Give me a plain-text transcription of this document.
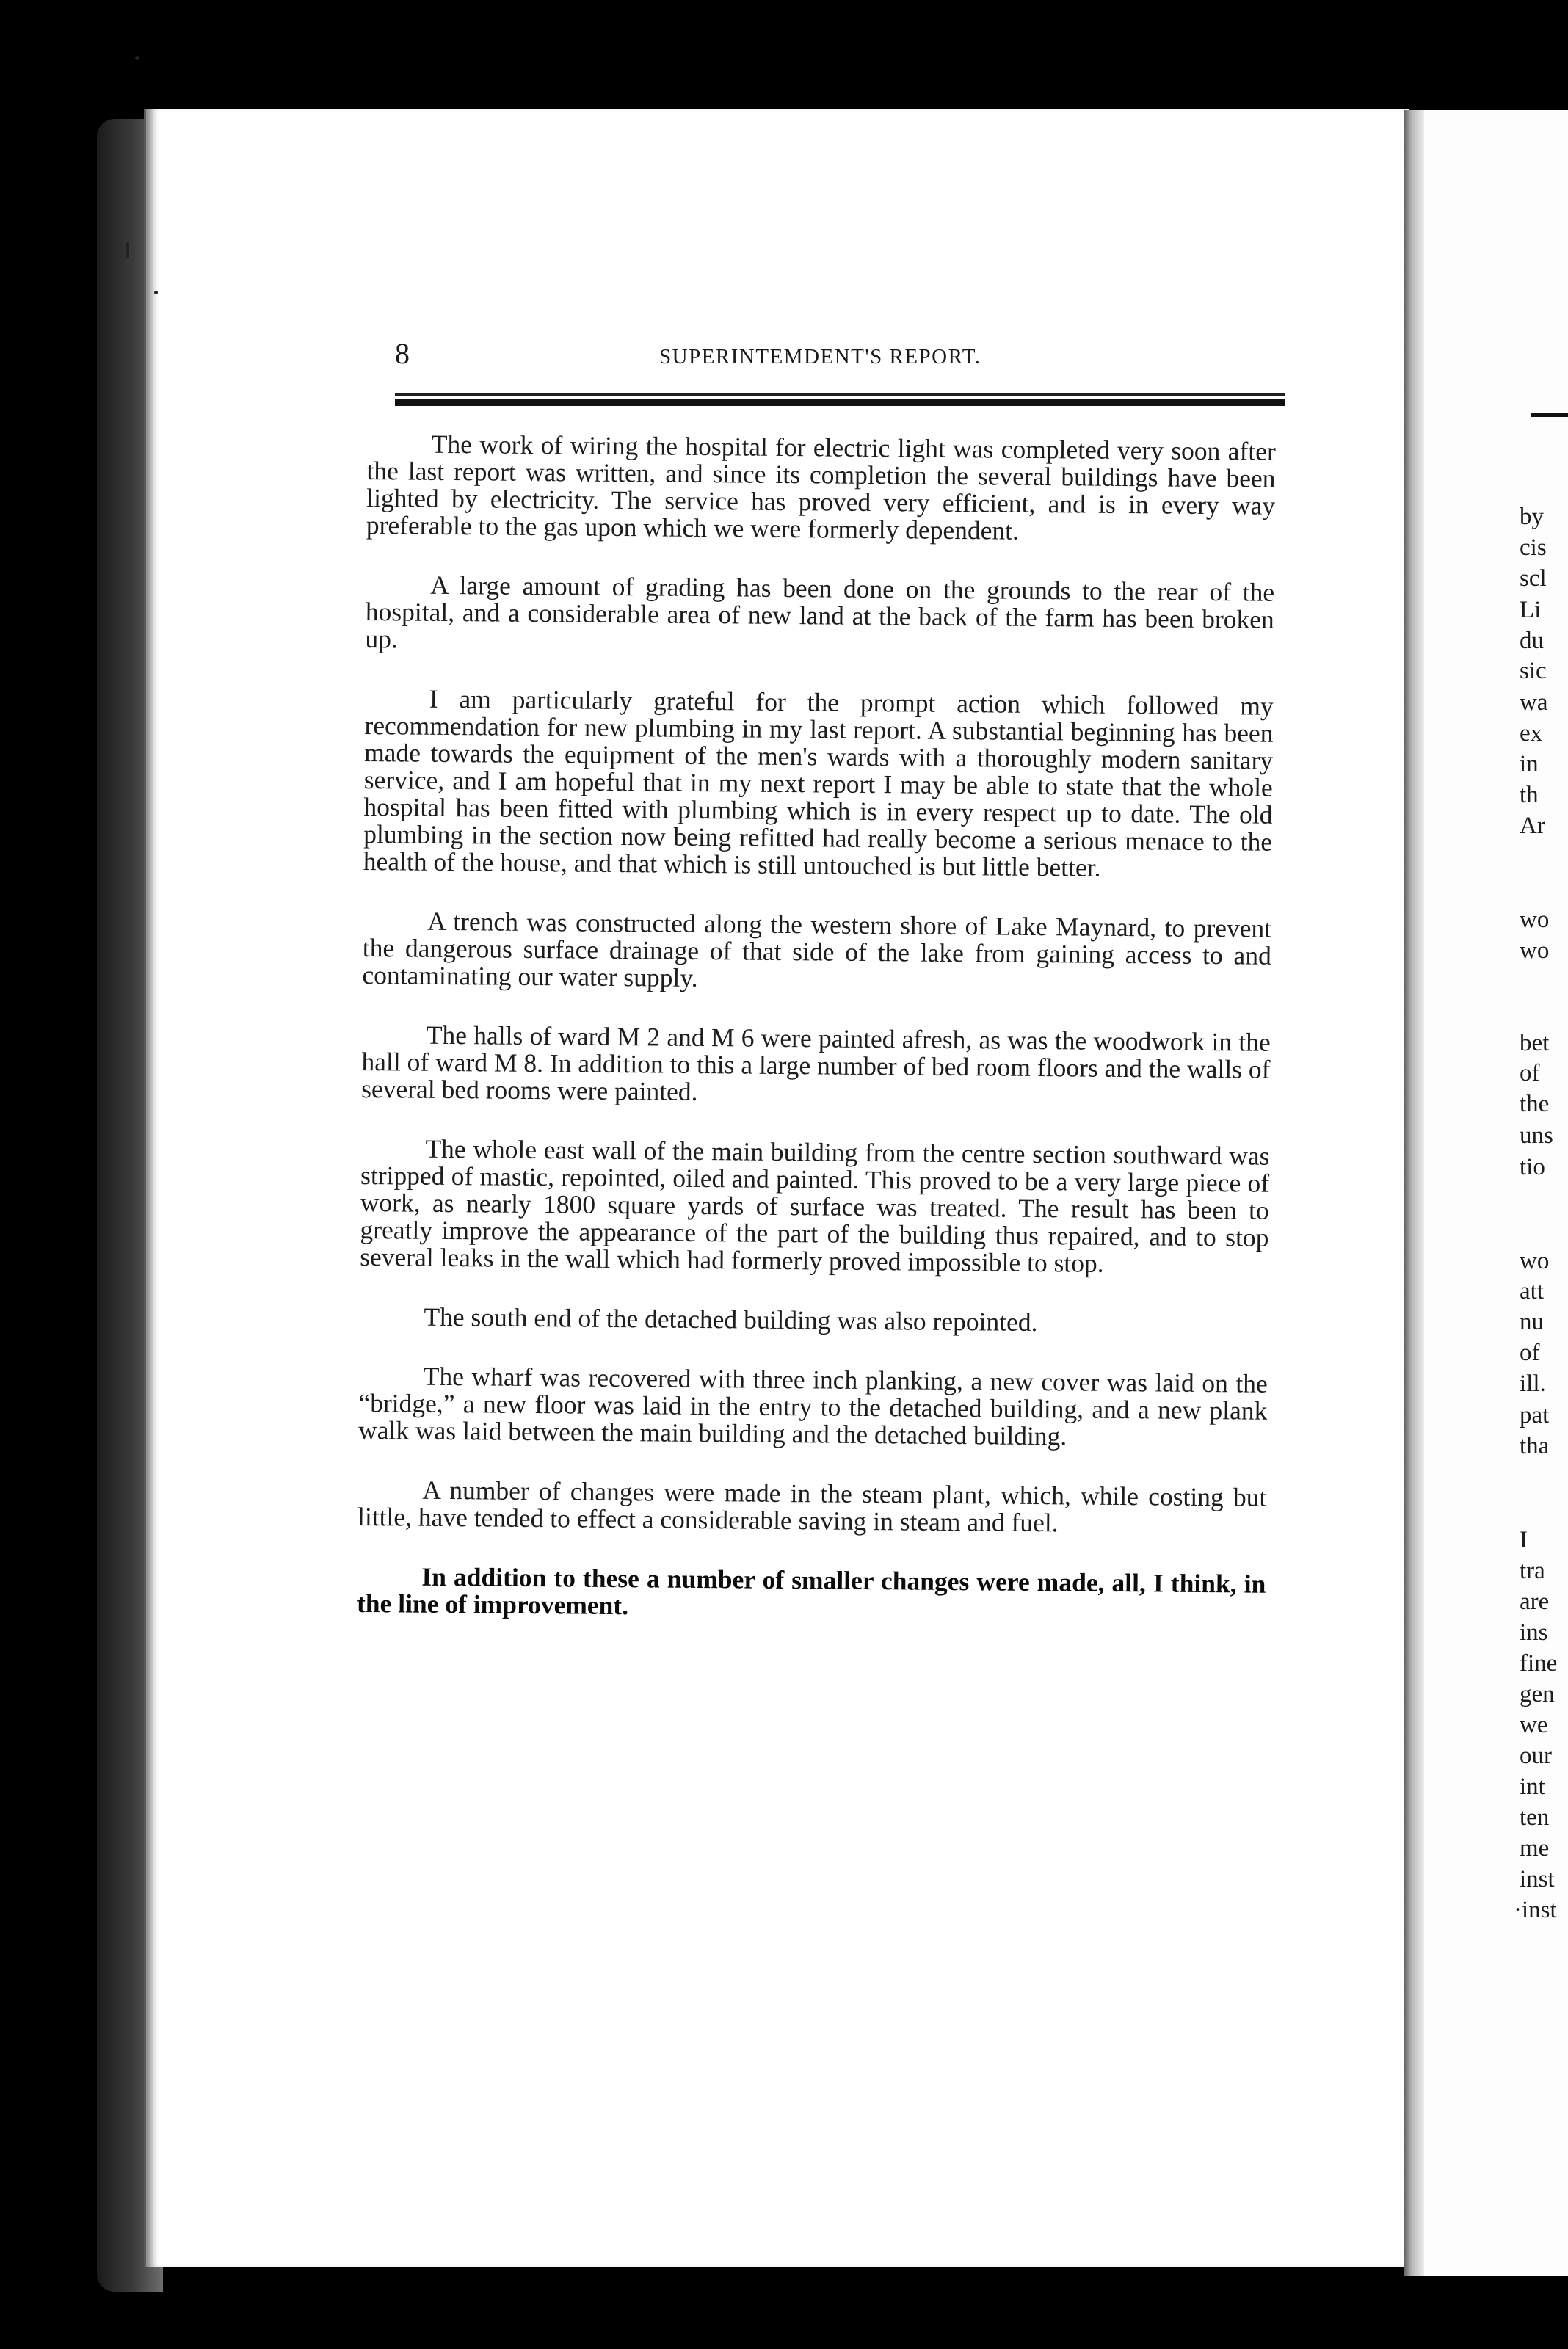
by
cis
scl
Li
du
sic
wa
ex
in
th
Ar
wo
wo
bet
of
the
uns
tio
wo
att
nu
of
ill.
pat
tha
I
tra
are
ins
fine
gen
we
our
int
ten
me
inst
·inst
8	SUPERINTEMDENT'S REPORT.

The work of wiring the hospital for electric light was completed very soon after the last report was written, and since its completion the several buildings have been lighted by electricity. The service has proved very efficient, and is in every way preferable to the gas upon which we were formerly dependent.

A large amount of grading has been done on the grounds to the rear of the hospital, and a considerable area of new land at the back of the farm has been broken up.

I am particularly grateful for the prompt action which followed my recommendation for new plumbing in my last report. A substantial beginning has been made towards the equipment of the men's wards with a thoroughly modern sanitary service, and I am hopeful that in my next report I may be able to state that the whole hospital has been fitted with plumbing which is in every respect up to date. The old plumbing in the section now being refitted had really become a serious menace to the health of the house, and that which is still untouched is but little better.

A trench was constructed along the western shore of Lake Maynard, to prevent the dangerous surface drainage of that side of the lake from gaining access to and contaminating our water supply.

The halls of ward M 2 and M 6 were painted afresh, as was the woodwork in the hall of ward M 8. In addition to this a large number of bed room floors and the walls of several bed rooms were painted.

The whole east wall of the main building from the centre section southward was stripped of mastic, repointed, oiled and painted. This proved to be a very large piece of work, as nearly 1800 square yards of surface was treated. The result has been to greatly improve the appearance of the part of the building thus repaired, and to stop several leaks in the wall which had formerly proved impossible to stop.

The south end of the detached building was also repointed.

The wharf was recovered with three inch planking, a new cover was laid on the “bridge,” a new floor was laid in the entry to the detached building, and a new plank walk was laid between the main building and the detached building.

A number of changes were made in the steam plant, which, while costing but little, have tended to effect a considerable saving in steam and fuel.

In addition to these a number of smaller changes were made, all, I think, in the line of improvement.
